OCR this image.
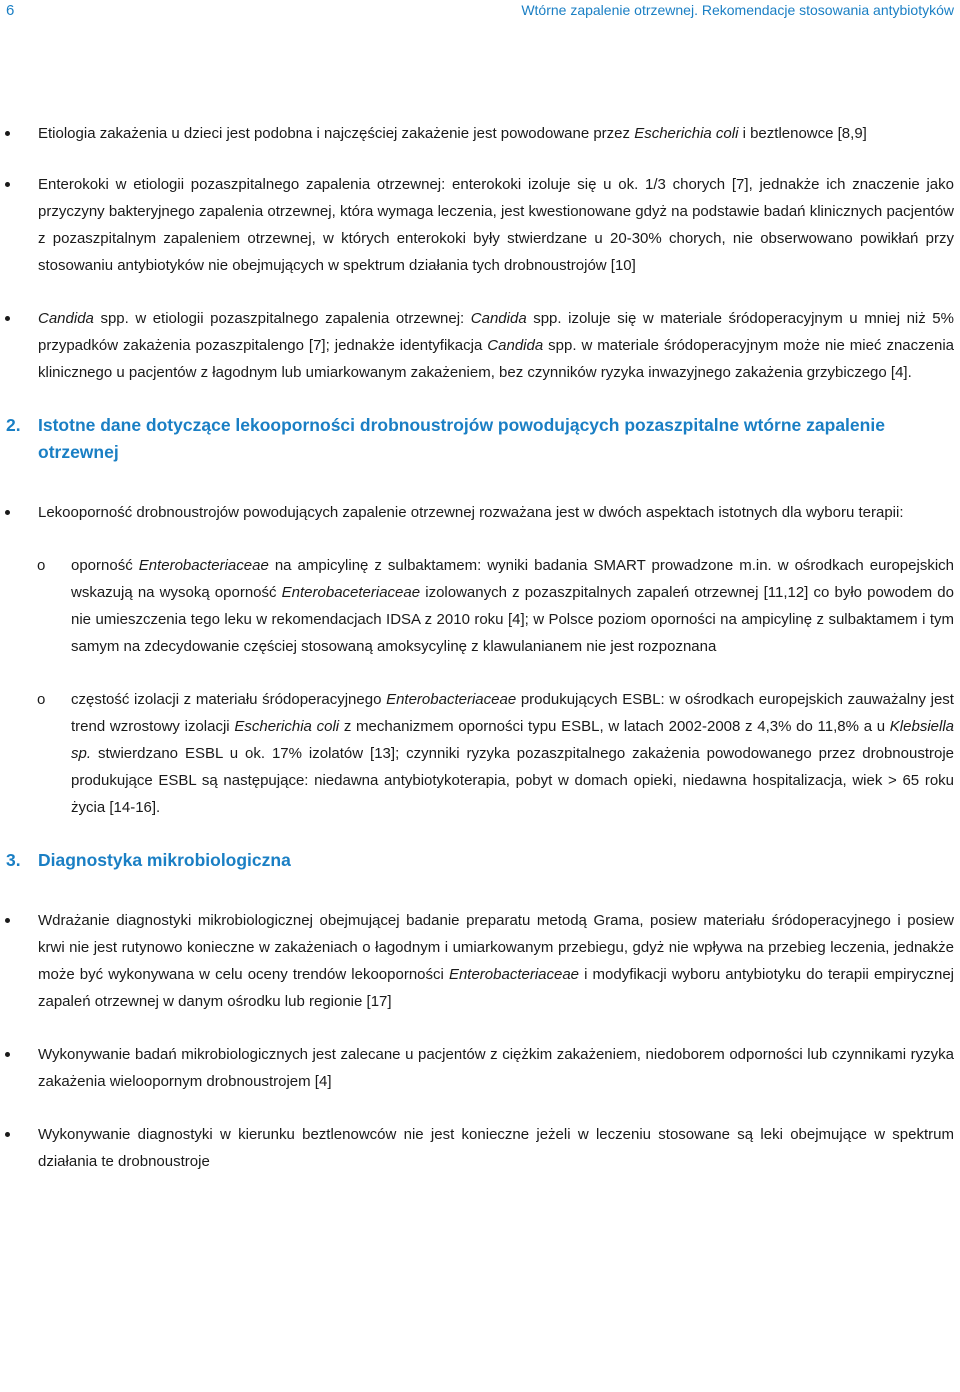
6	Wtórne zapalenie otrzewnej. Rekomendacje stosowania antybiotyków
Etiologia zakażenia u dzieci jest podobna i najczęściej zakażenie jest powodowane przez Escherichia coli i beztlenowce [8,9]
Enterokoki w etiologii pozaszpitalnego zapalenia otrzewnej: enterokoki izoluje się u ok. 1/3 chorych [7], jednakże ich znaczenie jako przyczyny bakteryjnego zapalenia otrzewnej, która wymaga leczenia, jest kwestionowane gdyż na podstawie badań klinicznych pacjentów z pozaszpitalnym zapaleniem otrzewnej, w których enterokoki były stwierdzane u 20-30% chorych, nie obserwowano powikłań przy stosowaniu antybiotyków nie obejmujących w spektrum działania tych drobnoustrojów [10]
Candida spp. w etiologii pozaszpitalnego zapalenia otrzewnej: Candida spp. izoluje się w materiale śródoperacyjnym u mniej niż 5% przypadków zakażenia pozaszpitalengo [7]; jednakże identyfikacja Candida spp. w materiale śródoperacyjnym może nie mieć znaczenia klinicznego u pacjentów z łagodnym lub umiarkowanym zakażeniem, bez czynników ryzyka inwazyjnego zakażenia grzybiczego [4].
2. Istotne dane dotyczące lekooporności drobnoustrojów powodujących pozaszpitalne wtórne zapalenie otrzewnej
Lekooporność drobnoustrojów powodujących zapalenie otrzewnej rozważana jest w dwóch aspektach istotnych dla wyboru terapii:
o oporność Enterobacteriaceae na ampicylinę z sulbaktamem: wyniki badania SMART prowadzone m.in. w ośrodkach europejskich wskazują na wysoką oporność Enterobaceteriaceae izolowanych z pozaszpitalnych zapaleń otrzewnej [11,12] co było powodem do nie umieszczenia tego leku w rekomendacjach IDSA z 2010 roku [4]; w Polsce poziom oporności na ampicylinę z sulbaktamem i tym samym na zdecydowanie częściej stosowaną amoksycylinę z klawulanianem nie jest rozpoznana
o częstość izolacji z materiału śródoperacyjnego Enterobacteriaceae produkujących ESBL: w ośrodkach europejskich zauważalny jest trend wzrostowy izolacji Escherichia coli z mechanizmem oporności typu ESBL, w latach 2002-2008 z 4,3% do 11,8% a u Klebsiella sp. stwierdzano ESBL u ok. 17% izolatów [13]; czynniki ryzyka pozaszpitalnego zakażenia powodowanego przez drobnoustroje produkujące ESBL są następujące: niedawna antybiotykoterapia, pobyt w domach opieki, niedawna hospitalizacja, wiek > 65 roku życia [14-16].
3. Diagnostyka mikrobiologiczna
Wdrażanie diagnostyki mikrobiologicznej obejmującej badanie preparatu metodą Grama, posiew materiału śródoperacyjnego i posiew krwi nie jest rutynowo konieczne w zakażeniach o łagodnym i umiarkowanym przebiegu, gdyż nie wpływa na przebieg leczenia, jednakże może być wykonywana w celu oceny trendów lekooporności Enterobacteriaceae i modyfikacji wyboru antybiotyku do terapii empirycznej zapaleń otrzewnej w danym ośrodku lub regionie [17]
Wykonywanie badań mikrobiologicznych jest zalecane u pacjentów z ciężkim zakażeniem, niedoborem odporności lub czynnikami ryzyka zakażenia wieloopornym drobnoustrojem [4]
Wykonywanie diagnostyki w kierunku beztlenowców nie jest konieczne jeżeli w leczeniu stosowane są leki obejmujące w spektrum działania te drobnoustroje
